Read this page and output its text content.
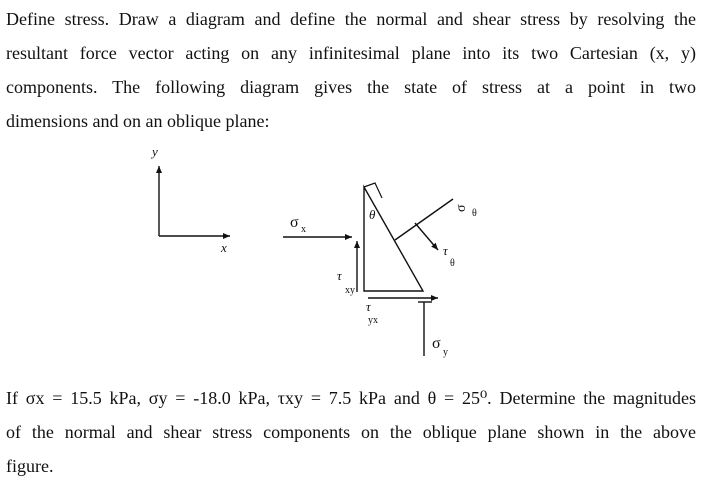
Define stress. Draw a diagram and define the normal and shear stress by resolving the
resultant force vector acting on any infinitesimal plane into its two Cartesian (x, y)
components. The following diagram gives the state of stress at a point in two
dimensions and on an oblique plane:
y
x
θ
σ x
τ
xy
τ
yx
σ
y
τ
θ
σ θ
If σx = 15.5 kPa, σy = -18.0 kPa, τxy = 7.5 kPa and θ = 25⁰. Determine the magnitudes
of the normal and shear stress components on the oblique plane shown in the above
figure.
